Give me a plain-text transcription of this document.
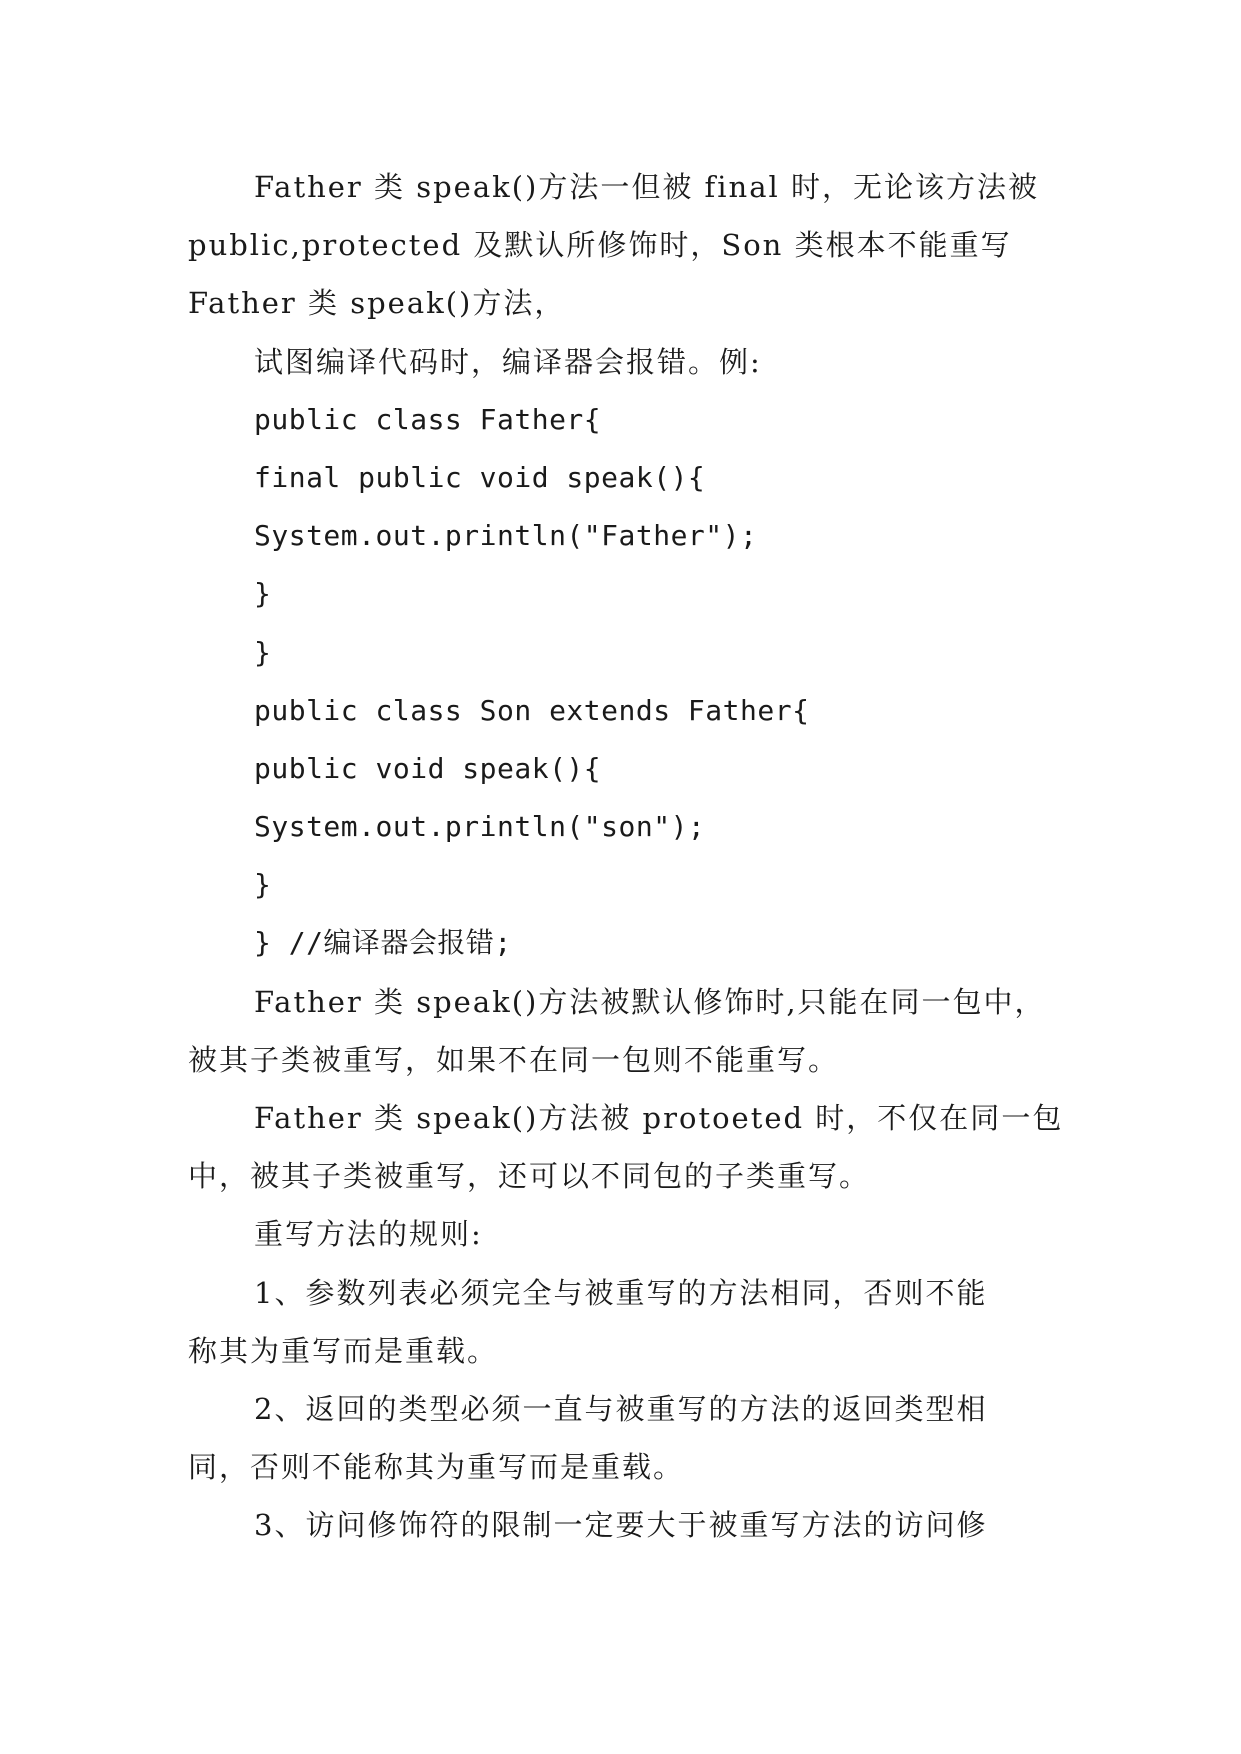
Father 类 speak()方法一但被 final 时，无论该方法被
public,protected 及默认所修饰时，Son 类根本不能重写
Father 类 speak()方法，
试图编译代码时，编译器会报错。例:
public class Father{
final public void speak(){
System.out.println("Father");
}
}
public class Son extends Father{
public void speak(){
System.out.println("son");
}
} //编译器会报错;
Father 类 speak()方法被默认修饰时,只能在同一包中，
被其子类被重写，如果不在同一包则不能重写。
Father 类 speak()方法被 protoeted 时，不仅在同一包
中，被其子类被重写，还可以不同包的子类重写。
重写方法的规则:
1、参数列表必须完全与被重写的方法相同，否则不能
称其为重写而是重载。
2、返回的类型必须一直与被重写的方法的返回类型相
同，否则不能称其为重写而是重载。
3、访问修饰符的限制一定要大于被重写方法的访问修
